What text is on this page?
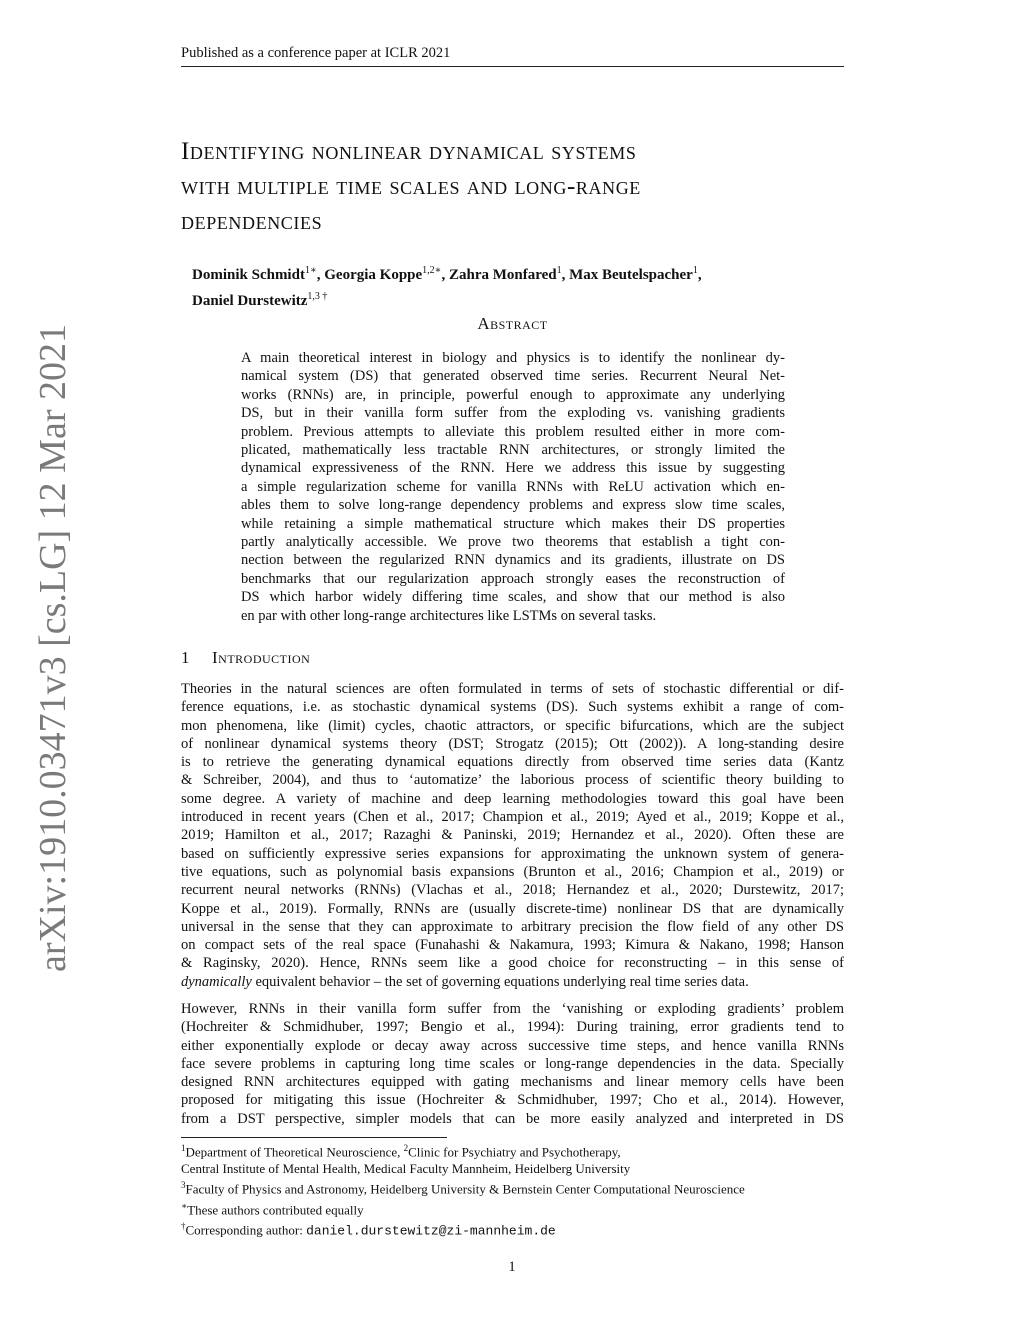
Published as a conference paper at ICLR 2021
arXiv:1910.03471v3 [cs.LG] 12 Mar 2021
Identifying nonlinear dynamical systems
with multiple time scales and long-range
dependencies
Dominik Schmidt$^{1∗}$, Georgia Koppe$^{1,2∗}$, Zahra Monfared$^1$, Max Beutelspacher$^1$,
Daniel Durstewitz$^{1,3 \dagger}$
Abstract
A main theoretical interest in biology and physics is to identify the nonlinear dy-
namical system (DS) that generated observed time series. Recurrent Neural Net-
works (RNNs) are, in principle, powerful enough to approximate any underlying
DS, but in their vanilla form suffer from the exploding vs. vanishing gradients
problem. Previous attempts to alleviate this problem resulted either in more com-
plicated, mathematically less tractable RNN architectures, or strongly limited the
dynamical expressiveness of the RNN. Here we address this issue by suggesting
a simple regularization scheme for vanilla RNNs with ReLU activation which en-
ables them to solve long-range dependency problems and express slow time scales,
while retaining a simple mathematical structure which makes their DS properties
partly analytically accessible. We prove two theorems that establish a tight con-
nection between the regularized RNN dynamics and its gradients, illustrate on DS
benchmarks that our regularization approach strongly eases the reconstruction of
DS which harbor widely differing time scales, and show that our method is also
en par with other long-range architectures like LSTMs on several tasks.
1 Introduction
Theories in the natural sciences are often formulated in terms of sets of stochastic differential or dif-
ference equations, i.e. as stochastic dynamical systems (DS). Such systems exhibit a range of com-
mon phenomena, like (limit) cycles, chaotic attractors, or specific bifurcations, which are the subject
of nonlinear dynamical systems theory (DST; Strogatz (2015); Ott (2002)). A long-standing desire
is to retrieve the generating dynamical equations directly from observed time series data (Kantz
& Schreiber, 2004), and thus to ‘automatize’ the laborious process of scientific theory building to
some degree. A variety of machine and deep learning methodologies toward this goal have been
introduced in recent years (Chen et al., 2017; Champion et al., 2019; Ayed et al., 2019; Koppe et al.,
2019; Hamilton et al., 2017; Razaghi & Paninski, 2019; Hernandez et al., 2020). Often these are
based on sufficiently expressive series expansions for approximating the unknown system of genera-
tive equations, such as polynomial basis expansions (Brunton et al., 2016; Champion et al., 2019) or
recurrent neural networks (RNNs) (Vlachas et al., 2018; Hernandez et al., 2020; Durstewitz, 2017;
Koppe et al., 2019). Formally, RNNs are (usually discrete-time) nonlinear DS that are dynamically
universal in the sense that they can approximate to arbitrary precision the flow field of any other DS
on compact sets of the real space (Funahashi & Nakamura, 1993; Kimura & Nakano, 1998; Hanson
& Raginsky, 2020). Hence, RNNs seem like a good choice for reconstructing – in this sense of
dynamically equivalent behavior – the set of governing equations underlying real time series data.
However, RNNs in their vanilla form suffer from the ‘vanishing or exploding gradients’ problem
(Hochreiter & Schmidhuber, 1997; Bengio et al., 1994): During training, error gradients tend to
either exponentially explode or decay away across successive time steps, and hence vanilla RNNs
face severe problems in capturing long time scales or long-range dependencies in the data. Specially
designed RNN architectures equipped with gating mechanisms and linear memory cells have been
proposed for mitigating this issue (Hochreiter & Schmidhuber, 1997; Cho et al., 2014). However,
from a DST perspective, simpler models that can be more easily analyzed and interpreted in DS
$^1$Department of Theoretical Neuroscience, $^2$Clinic for Psychiatry and Psychotherapy,
Central Institute of Mental Health, Medical Faculty Mannheim, Heidelberg University
$^3$Faculty of Physics and Astronomy, Heidelberg University & Bernstein Center Computational Neuroscience
∗These authors contributed equally
†Corresponding author: daniel.durstewitz@zi-mannheim.de
1
